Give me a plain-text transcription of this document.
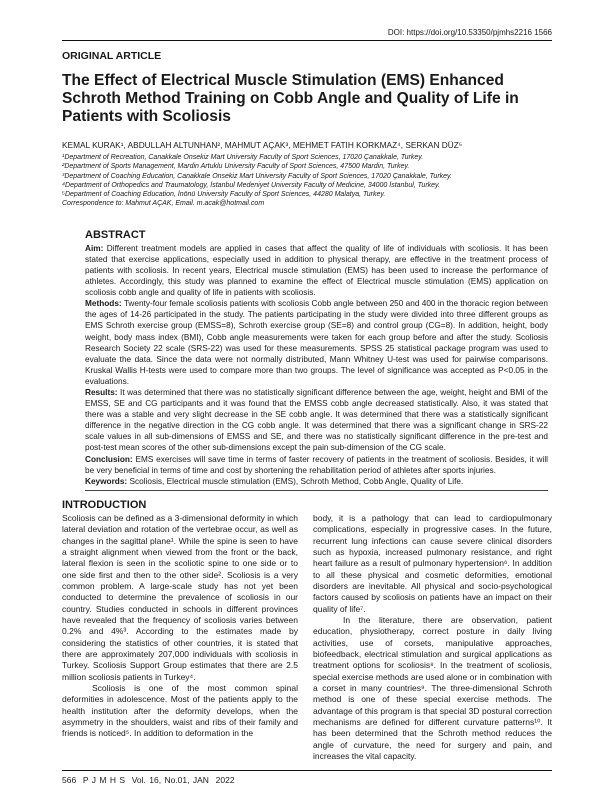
DOI: https://doi.org/10.53350/pjmhs2216 1566
ORIGINAL ARTICLE
The Effect of Electrical Muscle Stimulation (EMS) Enhanced Schroth Method Training on Cobb Angle and Quality of Life in Patients with Scoliosis
KEMAL KURAK¹, ABDULLAH ALTUNHAN², MAHMUT AÇAK³, MEHMET FATIH KORKMAZ⁴, SERKAN DÜZ⁵
¹Department of Recreation, Canakkale Onsekiz Mart University Faculty of Sport Sciences, 17020 Çanakkale, Turkey.
²Department of Sports Management, Mardin Artuklu University Faculty of Sport Sciences, 47500 Mardin, Turkey.
³Department of Coaching Education, Canakkale Onsekiz Mart University Faculty of Sport Sciences, 17020 Çanakkale, Turkey.
⁴Department of Orthopedics and Traumatology, İstanbul Medeniyet University Faculty of Medicine, 34000 İstanbul, Turkey.
⁵Department of Coaching Education, İnönü University Faculty of Sport Sciences, 44280 Malatya, Turkey.
Correspondence to: Mahmut AÇAK, Email. m.acak@hotmail.com
ABSTRACT

Aim: Different treatment models are applied in cases that affect the quality of life of individuals with scoliosis. It has been stated that exercise applications, especially used in addition to physical therapy, are effective in the treatment process of patients with scoliosis. In recent years, Electrical muscle stimulation (EMS) has been used to increase the performance of athletes. Accordingly, this study was planned to examine the effect of Electrical muscle stimulation (EMS) application on scoliosis cobb angle and quality of life in patients with scoliosis.

Methods: Twenty-four female scoliosis patients with scoliosis Cobb angle between 250 and 400 in the thoracic region between the ages of 14-26 participated in the study. The patients participating in the study were divided into three different groups as EMS Schroth exercise group (EMSS=8), Schroth exercise group (SE=8) and control group (CG=8). In addition, height, body weight, body mass index (BMI), Cobb angle measurements were taken for each group before and after the study. Scoliosis Research Society 22 scale (SRS-22) was used for these measurements. SPSS 25 statistical package program was used to evaluate the data. Since the data were not normally distributed, Mann Whitney U-test was used for pairwise comparisons. Kruskal Wallis H-tests were used to compare more than two groups. The level of significance was accepted as P<0.05 in the evaluations.

Results: It was determined that there was no statistically significant difference between the age, weight, height and BMI of the EMSS, SE and CG participants and it was found that the EMSS cobb angle decreased statistically. Also, it was stated that there was a stable and very slight decrease in the SE cobb angle. It was determined that there was a statistically significant difference in the negative direction in the CG cobb angle. It was determined that there was a significant change in SRS-22 scale values in all sub-dimensions of EMSS and SE, and there was no statistically significant difference in the pre-test and post-test mean scores of the other sub-dimensions except the pain sub-dimension of the CG scale.

Conclusion: EMS exercises will save time in terms of faster recovery of patients in the treatment of scoliosis. Besides, it will be very beneficial in terms of time and cost by shortening the rehabilitation period of athletes after sports injuries.

Keywords: Scoliosis, Electrical muscle stimulation (EMS), Schroth Method, Cobb Angle, Quality of Life.

INTRODUCTION

Scoliosis can be defined as a 3-dimensional deformity in which lateral deviation and rotation of the vertebrae occur, as well as changes in the sagittal plane¹. While the spine is seen to have a straight alignment when viewed from the front or the back, lateral flexion is seen in the scoliotic spine to one side or to one side first and then to the other side². Scoliosis is a very common problem. A large-scale study has not yet been conducted to determine the prevalence of scoliosis in our country. Studies conducted in schools in different provinces have revealed that the frequency of scoliosis varies between 0.2% and 4%³. According to the estimates made by considering the statistics of other countries, it is stated that there are approximately 207,000 individuals with scoliosis in Turkey. Scoliosis Support Group estimates that there are 2.5 million scoliosis patients in Turkey⁴.

Scoliosis is one of the most common spinal deformities in adolescence. Most of the patients apply to the health institution after the deformity develops, when the asymmetry in the shoulders, waist and ribs of their family and friends is noticed⁵. In addition to deformation in the

body, it is a pathology that can lead to cardiopulmonary complications, especially in progressive cases. In the future, recurrent lung infections can cause severe clinical disorders such as hypoxia, increased pulmonary resistance, and right heart failure as a result of pulmonary hypertension⁶. In addition to all these physical and cosmetic deformities, emotional disorders are inevitable. All physical and socio-psychological factors caused by scoliosis on patients have an impact on their quality of life⁷.

In the literature, there are observation, patient education, physiotherapy, correct posture in daily living activities, use of corsets, manipulative approaches, biofeedback, electrical stimulation and surgical applications as treatment options for scoliosis⁸. In the treatment of scoliosis, special exercise methods are used alone or in combination with a corset in many countries⁹. The three-dimensional Schroth method is one of these special exercise methods. The advantage of this program is that special 3D postural correction mechanisms are defined for different curvature patterns¹⁰. It has been determined that the Schroth method reduces the angle of curvature, the need for surgery and pain, and increases the vital capacity.

566  P J M H S  Vol. 16, No.01, JAN  2022
